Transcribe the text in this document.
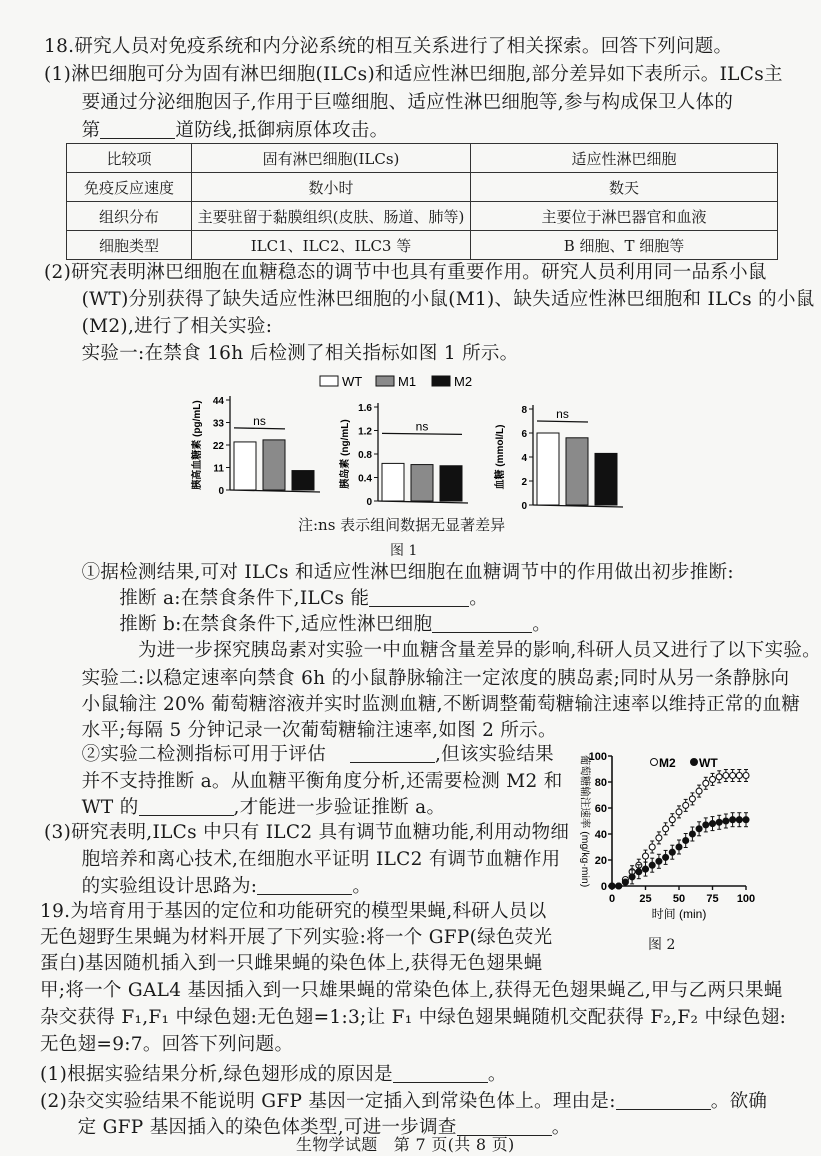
18.研究人员对免疫系统和内分泌系统的相互关系进行了相关探索。回答下列问题。
(1)淋巴细胞可分为固有淋巴细胞(ILCs)和适应性淋巴细胞,部分差异如下表所示。ILCs主
　　要通过分泌细胞因子,作用于巨噬细胞、适应性淋巴细胞等,参与构成保卫人体的
　　第	道防线,抵御病原体攻击。
(2)研究表明淋巴细胞在血糖稳态的调节中也具有重要作用。研究人员利用同一品系小鼠
　　(WT)分别获得了缺失适应性淋巴细胞的小鼠(M1)、缺失适应性淋巴细胞和 ILCs 的小鼠
　　(M2),进行了相关实验:
　　实验一:在禁食 16h 后检测了相关指标如图 1 所示。
　　①据检测结果,可对 ILCs 和适应性淋巴细胞在血糖调节中的作用做出初步推断:
　　　　推断 a:在禁食条件下,ILCs 能	。
　　　　推断 b:在禁食条件下,适应性淋巴细胞	。
　　　　　为进一步探究胰岛素对实验一中血糖含量差异的影响,科研人员又进行了以下实验。
　　实验二:以稳定速率向禁食 6h 的小鼠静脉输注一定浓度的胰岛素;同时从另一条静脉向
　　小鼠输注 20% 葡萄糖溶液并实时监测血糖,不断调整葡萄糖输注速率以维持正常的血糖
　　水平;每隔 5 分钟记录一次葡萄糖输注速率,如图 2 所示。
　　②实验二检测指标可用于评估
　　并不支持推断 a。从血糖平衡角度分析,还需要检测 M2 和
　　WT 的	,才能进一步验证推断 a。
(3)研究表明,ILCs 中只有 ILC2 具有调节血糖功能,利用动物细
　　胞培养和离心技术,在细胞水平证明 ILC2 有调节血糖作用
　　的实验组设计思路为:	。
19.为培育用于基因的定位和功能研究的模型果蝇,科研人员以
无色翅野生果蝇为材料开展了下列实验:将一个 GFP(绿色荧光
蛋白)基因随机插入到一只雌果蝇的染色体上,获得无色翅果蝇
甲;将一个 GAL4 基因插入到一只雄果蝇的常染色体上,获得无色翅果蝇乙,甲与乙两只果蝇
杂交获得 F₁,F₁ 中绿色翅:无色翅=1:3;让 F₁ 中绿色翅果蝇随机交配获得 F₂,F₂ 中绿色翅:
无色翅=9:7。回答下列问题。
(1)根据实验结果分析,绿色翅形成的原因是	。
(2)杂交实验结果不能说明 GFP 基因一定插入到常染色体上。理由是:	。欲确
　　定 GFP 基因插入的染色体类型,可进一步调查	。
,但该实验结果
比较项	固有淋巴细胞(ILCs)	适应性淋巴细胞
免疫反应速度	数小时	数天
组织分布	主要驻留于黏膜组织(皮肤、肠道、肺等)	主要位于淋巴器官和血液
细胞类型	ILC1、ILC2、ILC3 等	B 细胞、T 细胞等
WT	M1	M2
0
11
22
33
44
胰高血糖素 (pg/mL)	ns
0
0.4
0.8
1.2
1.6
胰岛素 (ng/mL)	ns
0
2
4
6
8
血糖 (mmol/L)
ns
注:ns 表示组间数据无显著差异
图 1
0
20
40
60
80
100
0 25 50 75 100
时间 (min)
葡萄糖输注速率 (mg/kg·min)	M2 WT
图 2
生物学试题　第 7 页(共 8 页)
